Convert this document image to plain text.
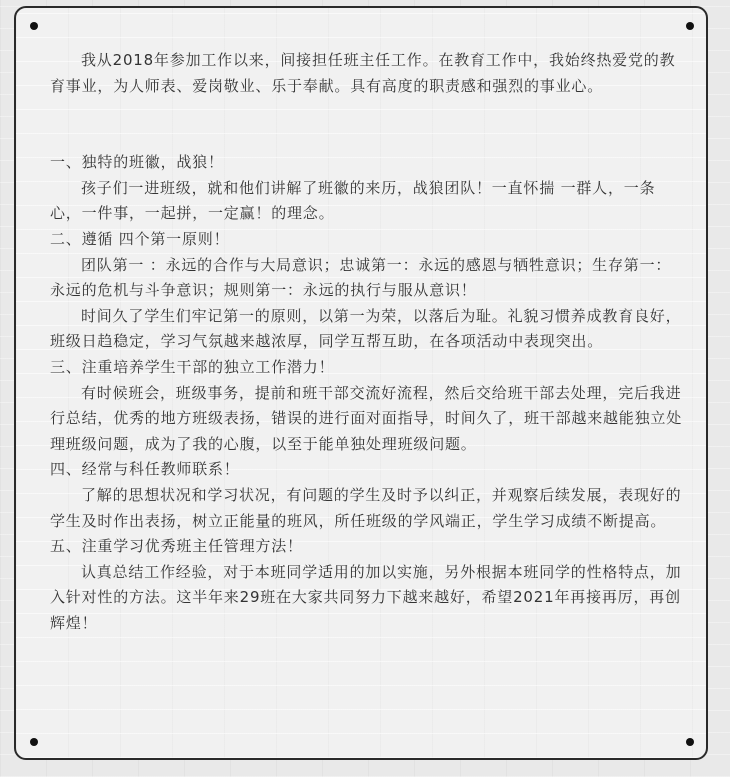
我从2018年参加工作以来，间接担任班主任工作。在教育工作中，我始终热爱党的教育事业，为人师表、爱岗敬业、乐于奉献。具有高度的职责感和强烈的事业心。

一、独特的班徽，战狼！

孩子们一进班级，就和他们讲解了班徽的来历，战狼团队！一直怀揣 一群人，一条心，一件事，一起拼，一定赢！的理念。

二、遵循 四个第一原则！

团队第一 ：永远的合作与大局意识；忠诚第一：永远的感恩与牺牲意识；生存第一：永远的危机与斗争意识；规则第一：永远的执行与服从意识！

时间久了学生们牢记第一的原则，以第一为荣，以落后为耻。礼貌习惯养成教育良好，班级日趋稳定，学习气氛越来越浓厚，同学互帮互助，在各项活动中表现突出。

三、注重培养学生干部的独立工作潜力！

有时候班会，班级事务，提前和班干部交流好流程，然后交给班干部去处理，完后我进行总结，优秀的地方班级表扬，错误的进行面对面指导，时间久了，班干部越来越能独立处理班级问题，成为了我的心腹，以至于能单独处理班级问题。

四、经常与科任教师联系！

了解的思想状况和学习状况，有问题的学生及时予以纠正，并观察后续发展，表现好的学生及时作出表扬，树立正能量的班风，所任班级的学风端正，学生学习成绩不断提高。

五、注重学习优秀班主任管理方法！

认真总结工作经验，对于本班同学适用的加以实施，另外根据本班同学的性格特点，加入针对性的方法。这半年来29班在大家共同努力下越来越好，希望2021年再接再厉，再创辉煌！
